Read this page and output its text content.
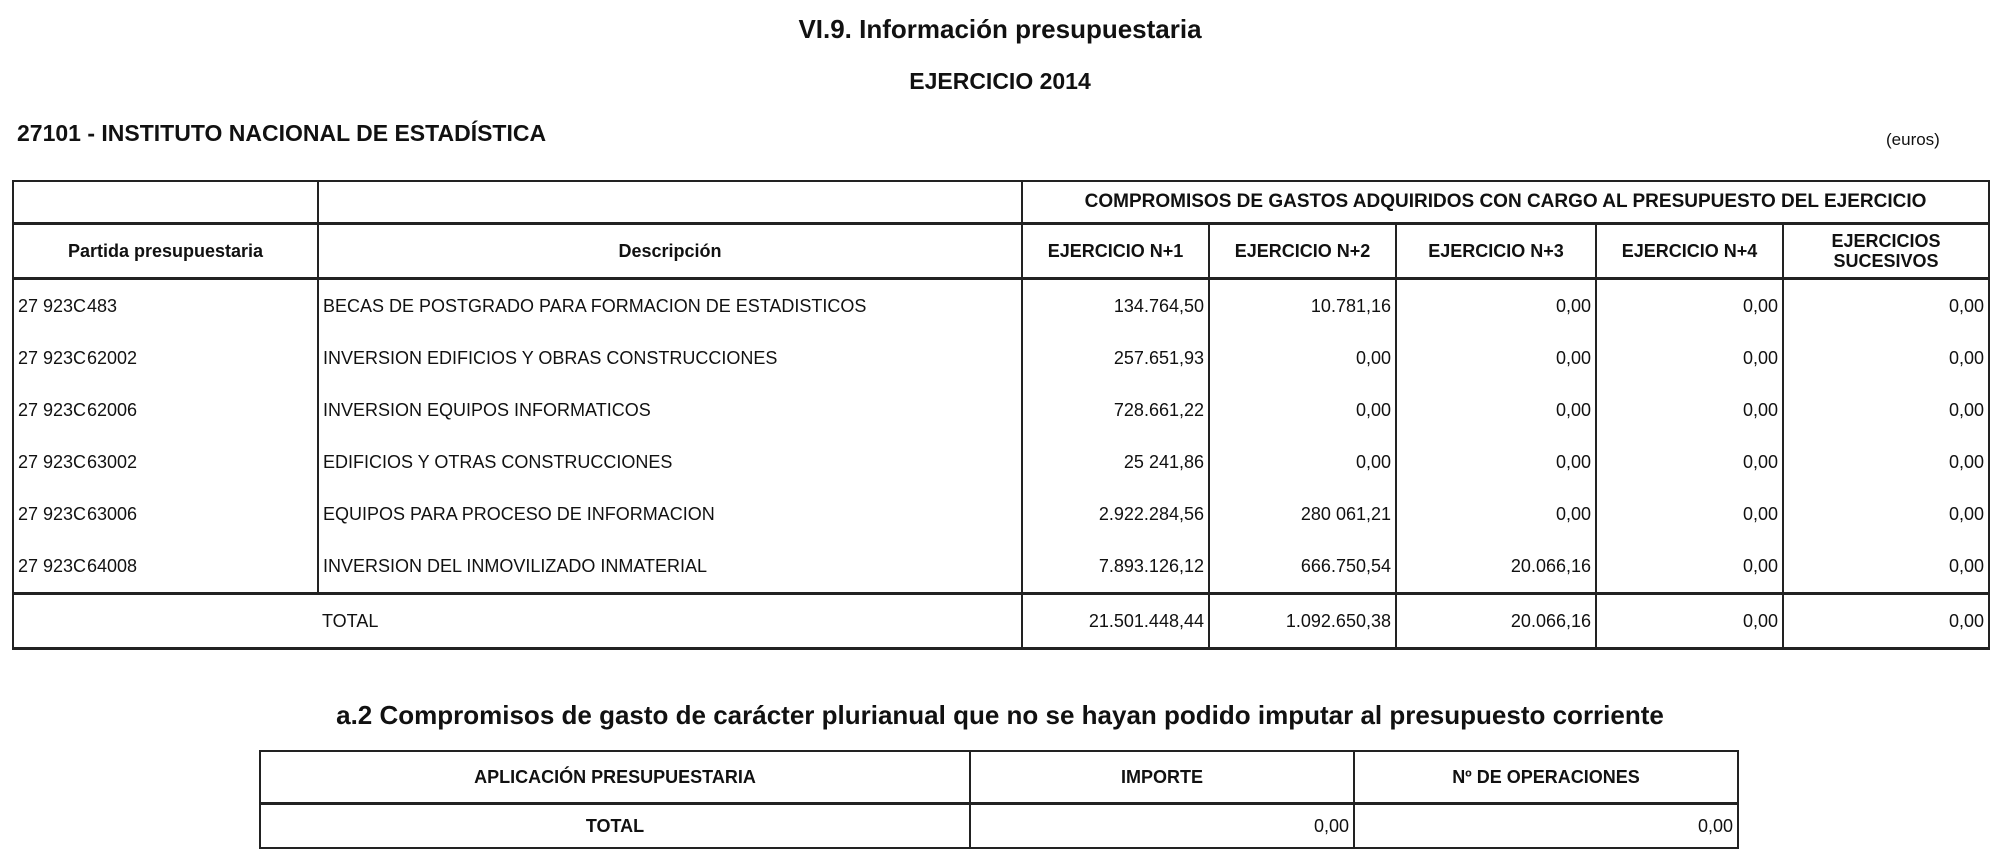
VI.9. Información presupuestaria
EJERCICIO 2014
27101 - INSTITUTO NACIONAL DE ESTADÍSTICA	(euros)
		COMPROMISOS DE GASTOS ADQUIRIDOS CON CARGO AL PRESUPUESTO DEL EJERCICIO				
Partida presupuestaria	Descripción	EJERCICIO N+1	EJERCICIO N+2	EJERCICIO N+3	EJERCICIO N+4	EJERCICIOS SUCESIVOS
27 923C 483	BECAS DE POSTGRADO PARA FORMACION DE ESTADISTICOS	134.764,50	10.781,16	0,00	0,00	0,00
27 923C 62002	INVERSION EDIFICIOS Y OBRAS CONSTRUCCIONES	257.651,93	0,00	0,00	0,00	0,00
27 923C 62006	INVERSION EQUIPOS INFORMATICOS	728.661,22	0,00	0,00	0,00	0,00
27 923C 63002	EDIFICIOS Y OTRAS CONSTRUCCIONES	25 241,86	0,00	0,00	0,00	0,00
27 923C 63006	EQUIPOS PARA PROCESO DE INFORMACION	2.922.284,56	280 061,21	0,00	0,00	0,00
27 923C 64008	INVERSION DEL INMOVILIZADO INMATERIAL	7.893.126,12	666.750,54	20.066,16	0,00	0,00
	TOTAL	21.501.448,44	1.092.650,38	20.066,16	0,00	0,00
a.2 Compromisos de gasto de carácter plurianual que no se hayan podido imputar al presupuesto corriente
APLICACIÓN PRESUPUESTARIA	IMPORTE	Nº DE OPERACIONES
TOTAL	0,00	0,00
